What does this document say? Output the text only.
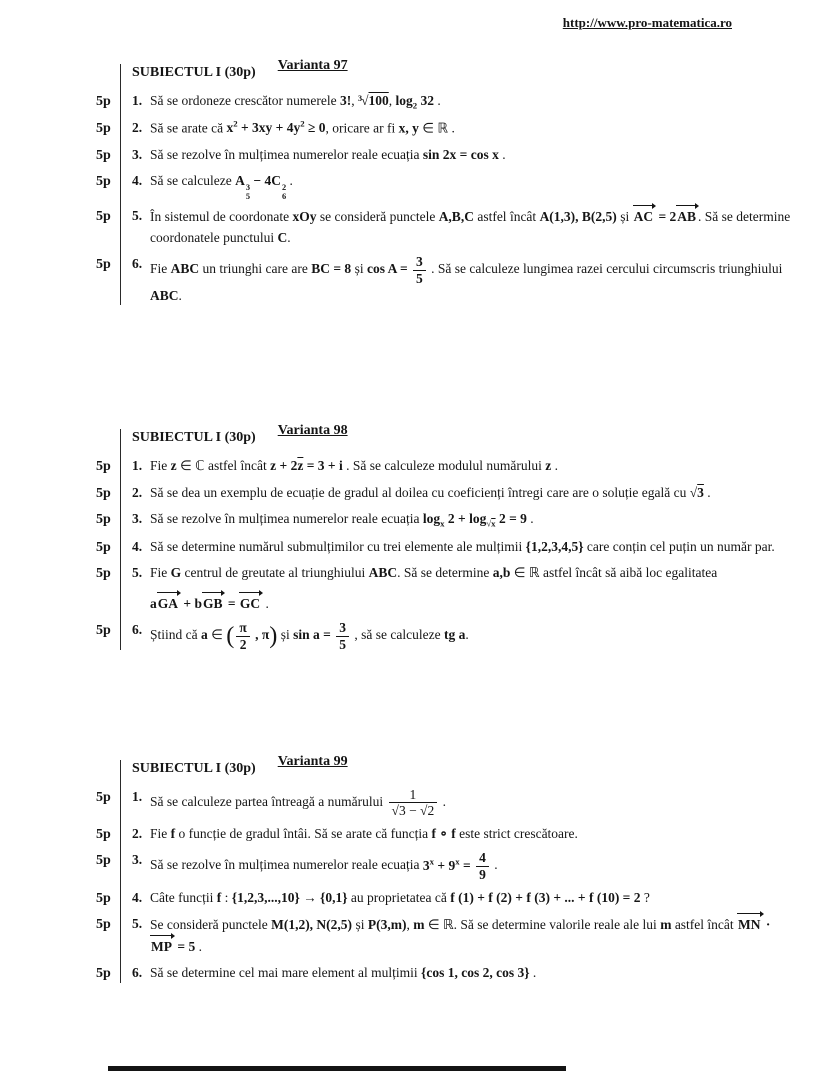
http://www.pro-matematica.ro
SUBIECTUL I (30p) Varianta 97
5p	1. Să se ordoneze crescător numerele 3!, $^3$√100, $\log_2 32$ .
5p	2. Să se arate că $x^2 + 3xy + 4y^2 \ge 0$, oricare ar fi x, y ∈ ℝ .
5p	3. Să se rezolve în mulțimea numerelor reale ecuația sin 2x = cos x .
5p	4. Să se calculeze A 3
5
− 4C 2
6
.
5p	5. În sistemul de coordonate xOy se consideră punctele A,B,C astfel încât A(1,3), B(2,5) și AC = 2AB . Să se determine coordonatele punctului C.
5p	6. Fie ABC un triunghi care are BC = 8 și $\cos A = \frac{3}{5}$ . Să se calculeze lungimea razei cercului circumscris triunghiului ABC.
SUBIECTUL I (30p) Varianta 98
5p	1. Fie z ∈ ℂ astfel încât $z + 2\overline{z} = 3 + i$ . Să se calculeze modulul numărului z .
5p	2. Să se dea un exemplu de ecuație de gradul al doilea cu coeficienți întregi care are o soluție egală cu √3 .
5p	3. Să se rezolve în mulțimea numerelor reale ecuația $\log_x 2 + \log_{√x} 2 = 9$ .
5p	4. Să se determine numărul submulțimilor cu trei elemente ale mulțimii {1,2,3,4,5} care conțin cel puțin un număr par.
5p	5. Fie G centrul de greutate al triunghiului ABC. Să se determine a,b ∈ ℝ astfel încât să aibă loc egalitatea
aGA + bGB = GC .
5p	6. Știind că a ∈ ( $\frac{\pi}{2}$ , π) și $\sin a = \frac{3}{5}$ , să se calculeze tg a.
SUBIECTUL I (30p) Varianta 99
5p	1. Să se calculeze partea întreagă a numărului $\frac{1}{√3 - √2}$ .
5p	2. Fie f o funcție de gradul întâi. Să se arate că funcția f ∘ f este strict crescătoare.
5p	3. Să se rezolve în mulțimea numerelor reale ecuația $3^x + 9^x = \frac{4}{9}$ .
5p	4. Câte funcții f : {1,2,3,...,10} → {0,1} au proprietatea că f (1) + f (2) + f (3) + ... + f (10) = 2 ?
5p	5. Se consideră punctele M(1,2), N(2,5) și P(3,m), m ∈ ℝ. Să se determine valorile reale ale lui m astfel încât MN · MP = 5 .
5p	6. Să se determine cel mai mare element al mulțimii {cos 1, cos 2, cos 3} .
